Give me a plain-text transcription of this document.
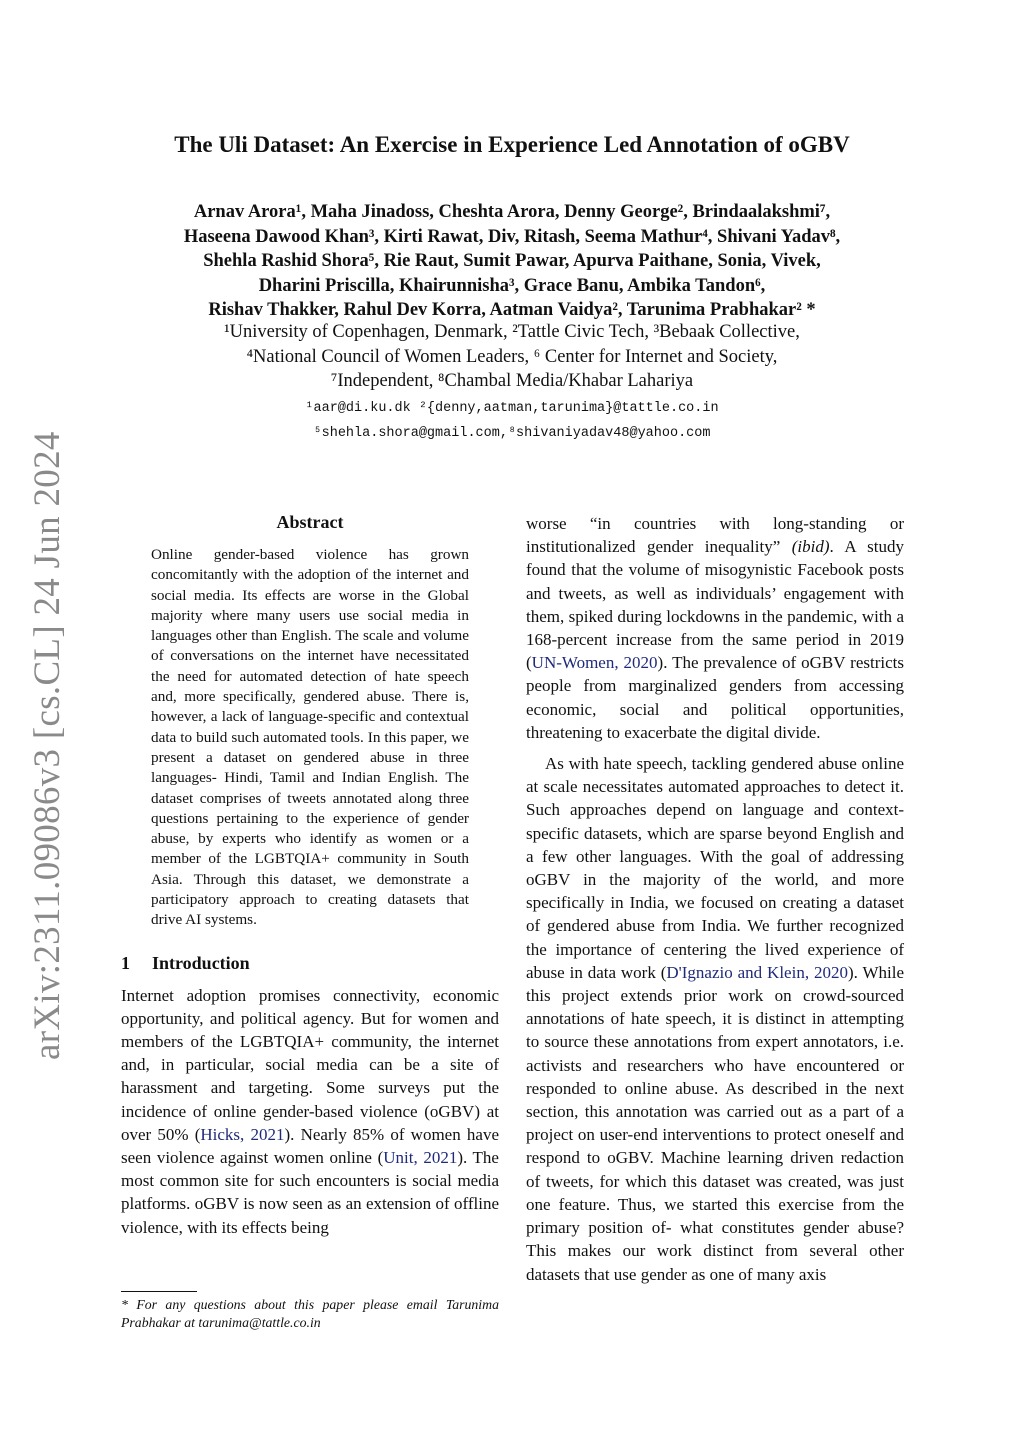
arXiv:2311.09086v3 [cs.CL] 24 Jun 2024
The Uli Dataset: An Exercise in Experience Led Annotation of oGBV
Arnav Arora¹, Maha Jinadoss, Cheshta Arora, Denny George², Brindaalakshmi⁷,
Haseena Dawood Khan³, Kirti Rawat, Div, Ritash, Seema Mathur⁴, Shivani Yadav⁸,
Shehla Rashid Shora⁵, Rie Raut, Sumit Pawar, Apurva Paithane, Sonia, Vivek,
Dharini Priscilla, Khairunnisha³, Grace Banu, Ambika Tandon⁶,
Rishav Thakker, Rahul Dev Korra, Aatman Vaidya², Tarunima Prabhakar² *
¹University of Copenhagen, Denmark, ²Tattle Civic Tech, ³Bebaak Collective,
⁴National Council of Women Leaders, ⁶ Center for Internet and Society,
⁷Independent, ⁸Chambal Media/Khabar Lahariya
¹aar@di.ku.dk ²{denny,aatman,tarunima}@tattle.co.in
⁵shehla.shora@gmail.com,⁸shivaniyadav48@yahoo.com
Abstract

Online gender-based violence has grown concomitantly with the adoption of the internet and social media. Its effects are worse in the Global majority where many users use social media in languages other than English. The scale and volume of conversations on the internet have necessitated the need for automated detection of hate speech and, more specifically, gendered abuse. There is, however, a lack of language-specific and contextual data to build such automated tools. In this paper, we present a dataset on gendered abuse in three languages- Hindi, Tamil and Indian English. The dataset comprises of tweets annotated along three questions pertaining to the experience of gender abuse, by experts who identify as women or a member of the LGBTQIA+ community in South Asia. Through this dataset, we demonstrate a participatory approach to creating datasets that drive AI systems.

1 Introduction

Internet adoption promises connectivity, economic opportunity, and political agency. But for women and members of the LGBTQIA+ community, the internet and, in particular, social media can be a site of harassment and targeting. Some surveys put the incidence of online gender-based violence (oGBV) at over 50% (Hicks, 2021). Nearly 85% of women have seen violence against women online (Unit, 2021). The most common site for such encounters is social media platforms. oGBV is now seen as an extension of offline violence, with its effects being

* For any questions about this paper please email Tarunima Prabhakar at tarunima@tattle.co.in

worse “in countries with long-standing or institutionalized gender inequality” (ibid). A study found that the volume of misogynistic Facebook posts and tweets, as well as individuals’ engagement with them, spiked during lockdowns in the pandemic, with a 168-percent increase from the same period in 2019 (UN-Women, 2020). The prevalence of oGBV restricts people from marginalized genders from accessing economic, social and political opportunities, threatening to exacerbate the digital divide.

As with hate speech, tackling gendered abuse online at scale necessitates automated approaches to detect it. Such approaches depend on language and context-specific datasets, which are sparse beyond English and a few other languages. With the goal of addressing oGBV in the majority of the world, and more specifically in India, we focused on creating a dataset of gendered abuse from India. We further recognized the importance of centering the lived experience of abuse in data work (D'Ignazio and Klein, 2020). While this project extends prior work on crowd-sourced annotations of hate speech, it is distinct in attempting to source these annotations from expert annotators, i.e. activists and researchers who have encountered or responded to online abuse. As described in the next section, this annotation was carried out as a part of a project on user-end interventions to protect oneself and respond to oGBV. Machine learning driven redaction of tweets, for which this dataset was created, was just one feature. Thus, we started this exercise from the primary position of- what constitutes gender abuse? This makes our work distinct from several other datasets that use gender as one of many axis
